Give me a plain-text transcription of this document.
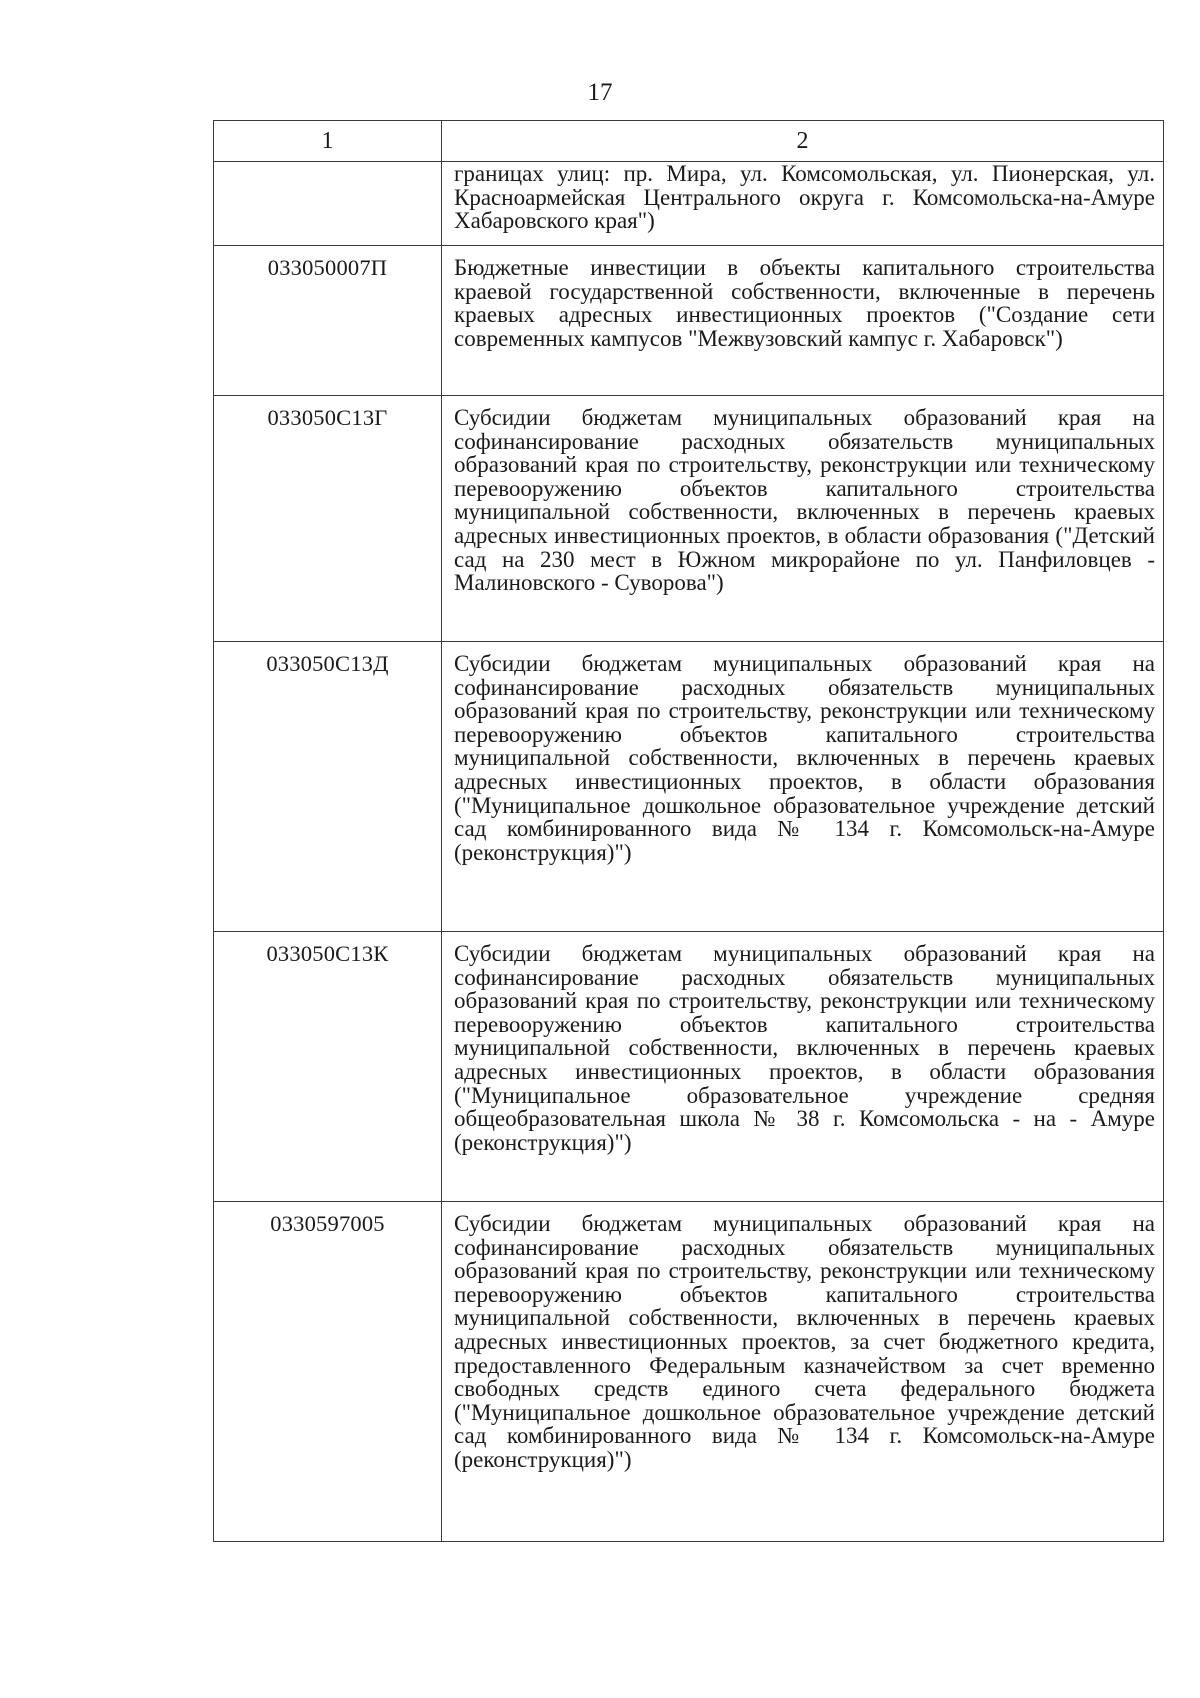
17
1	2
	границах улиц: пр. Мира, ул. Комсомольская, ул. Пионерская, ул. Красноармейская Центрального округа г. Комсомольска-на-Амуре Хабаровского края")
033050007П	Бюджетные инвестиции в объекты капитального строительства краевой государственной собственности, включенные в перечень краевых адресных инвестиционных проектов ("Создание сети современных кампусов "Межвузовский кампус г. Хабаровск")
033050С13Г	Субсидии бюджетам муниципальных образований края на софинансирование расходных обязательств муниципальных образований края по строительству, реконструкции или техническому перевооружению объектов капитального строительства муниципальной собственности, включенных в перечень краевых адресных инвестиционных проектов, в области образования ("Детский сад на 230 мест в Южном микрорайоне по ул. Панфиловцев - Малиновского - Суворова")
033050С13Д	Субсидии бюджетам муниципальных образований края на софинансирование расходных обязательств муниципальных образований края по строительству, реконструкции или техническому перевооружению объектов капитального строительства муниципальной собственности, включенных в перечень краевых адресных инвестиционных проектов, в области образования ("Муниципальное дошкольное образовательное учреждение детский сад комбинированного вида № 134 г. Комсомольск-на-Амуре (реконструкция)")
033050С13К	Субсидии бюджетам муниципальных образований края на софинансирование расходных обязательств муниципальных образований края по строительству, реконструкции или техническому перевооружению объектов капитального строительства муниципальной собственности, включенных в перечень краевых адресных инвестиционных проектов, в области образования ("Муниципальное образовательное учреждение средняя общеобразовательная школа № 38 г. Комсомольска - на - Амуре (реконструкция)")
0330597005	Субсидии бюджетам муниципальных образований края на софинансирование расходных обязательств муниципальных образований края по строительству, реконструкции или техническому перевооружению объектов капитального строительства муниципальной собственности, включенных в перечень краевых адресных инвестиционных проектов, за счет бюджетного кредита, предоставленного Федеральным казначейством за счет временно свободных средств единого счета федерального бюджета ("Муниципальное дошкольное образовательное учреждение детский сад комбинированного вида № 134 г. Комсомольск-на-Амуре (реконструкция)")
